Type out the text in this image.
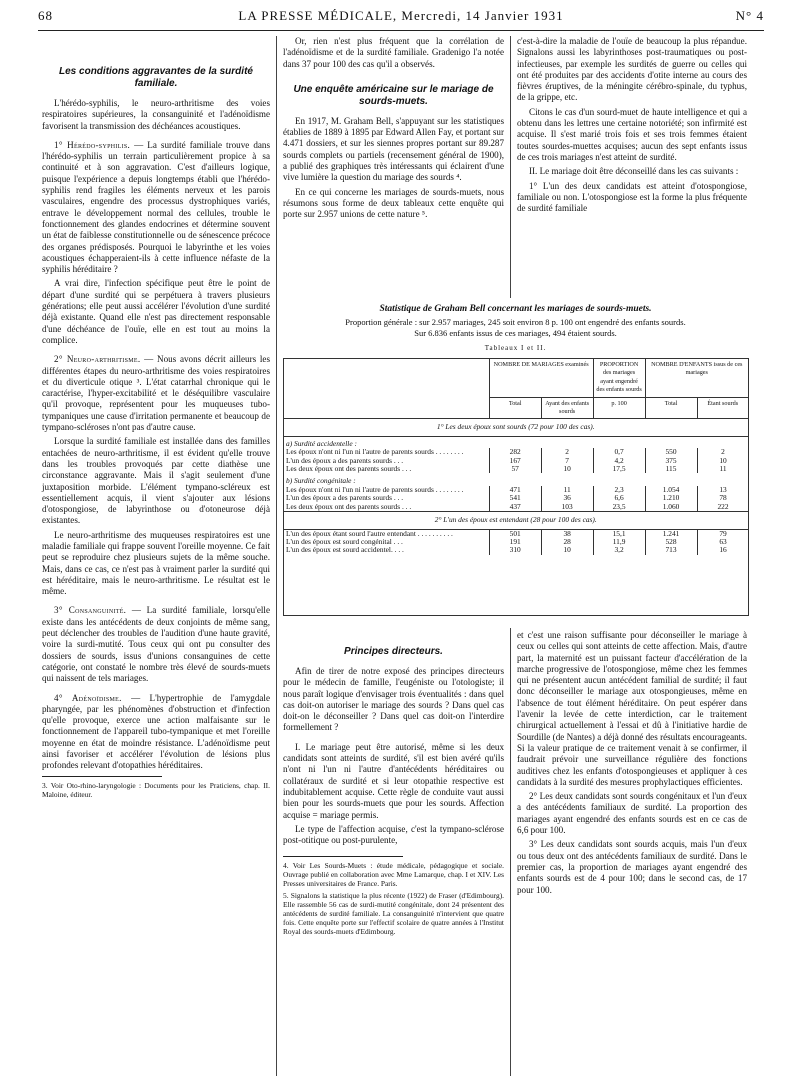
68	LA PRESSE MÉDICALE, Mercredi, 14 Janvier 1931	N° 4
Les conditions aggravantes de la surdité familiale.

L'hérédo-syphilis, le neuro-arthritisme des voies respiratoires supérieures, la consanguinité et l'adénoïdisme favorisent la transmission des déchéances acoustiques.

1° Hérédo-syphilis. — La surdité familiale trouve dans l'hérédo-syphilis un terrain particulièrement propice à sa continuité et à son aggravation. C'est d'ailleurs logique, puisque l'expérience a depuis longtemps établi que l'hérédo-syphilis rend fragiles les éléments nerveux et les parois vasculaires, engendre des processus dystrophiques variés, entrave le développement normal des cellules, trouble le fonctionnement des glandes endocrines et détermine souvent un état de faiblesse constitutionnelle ou de sénescence précoce des organes prédisposés. Pourquoi le labyrinthe et les voies acoustiques échapperaient-ils à cette influence néfaste de la syphilis héréditaire ?

A vrai dire, l'infection spécifique peut être le point de départ d'une surdité qui se perpétuera à travers plusieurs générations; elle peut aussi accélérer l'évolution d'une surdité déjà existante. Quand elle n'est pas directement responsable d'une déchéance de l'ouïe, elle en est tout au moins la complice.

2° Neuro-arthritisme. — Nous avons décrit ailleurs les différentes étapes du neuro-arthritisme des voies respiratoires et du diverticule otique ³. L'état catarrhal chronique qui le caractérise, l'hyper-excitabilité et le déséquilibre vasculaire qu'il provoque, représentent pour les muqueuses tubo-tympaniques une cause d'irritation permanente et beaucoup de tympano-scléroses n'ont pas d'autre cause.

Lorsque la surdité familiale est installée dans des familles entachées de neuro-arthritisme, il est évident qu'elle trouve dans les troubles provoqués par cette diathèse une circonstance aggravante. Mais il s'agit seulement d'une juxtaposition morbide. L'élément tympano-scléreux est essentiellement acquis, il vient s'ajouter aux lésions d'otospongiose, de labyrinthose ou d'otoneurose déjà existantes.

Le neuro-arthritisme des muqueuses respiratoires est une maladie familiale qui frappe souvent l'oreille moyenne. Ce fait peut se reproduire chez plusieurs sujets de la même souche. Mais, dans ce cas, ce n'est pas à vraiment parler la surdité qui est héréditaire, mais le neuro-arthritisme. Le résultat est le même.

3° Consanguinité. — La surdité familiale, lorsqu'elle existe dans les antécédents de deux conjoints de même sang, peut déclencher des troubles de l'audition d'une haute gravité, voire la surdi-mutité. Tous ceux qui ont pu consulter des dossiers de sourds, issus d'unions consanguines de cette catégorie, ont constaté le nombre très élevé de sourds-muets qui naissent de tels mariages.

4° Adénoïdisme. — L'hypertrophie de l'amygdale pharyngée, par les phénomènes d'obstruction et d'infection qu'elle provoque, exerce une action malfaisante sur le fonctionnement de l'appareil tubo-tympanique et met l'oreille moyenne en état de moindre résistance. L'adénoïdisme peut ainsi favoriser et accélérer l'évolution de lésions plus profondes relevant d'otopathies héréditaires.

3. Voir Oto-rhino-laryngologie : Documents pour les Praticiens, chap. II. Maloine, éditeur.

Or, rien n'est plus fréquent que la corrélation de l'adénoïdisme et de la surdité familiale. Gradenigo l'a notée dans 37 pour 100 des cas qu'il a observés.

Une enquête américaine sur le mariage de sourds-muets.

En 1917, M. Graham Bell, s'appuyant sur les statistiques établies de 1889 à 1895 par Edward Allen Fay, et portant sur 4.471 dossiers, et sur les siennes propres portant sur 89.287 sourds complets ou partiels (recensement général de 1900), a publié des graphiques très intéressants qui éclairent d'une vive lumière la question du mariage des sourds ⁴.

En ce qui concerne les mariages de sourds-muets, nous résumons sous forme de deux tableaux cette enquête qui porte sur 2.957 unions de cette nature ⁵.

c'est-à-dire la maladie de l'ouïe de beaucoup la plus répandue. Signalons aussi les labyrinthoses post-traumatiques ou post-infectieuses, par exemple les surdités de guerre ou celles qui ont été produites par des accidents d'otite interne au cours des fièvres éruptives, de la méningite cérébro-spinale, du typhus, de la grippe, etc.

Citons le cas d'un sourd-muet de haute intelligence et qui a obtenu dans les lettres une certaine notoriété; son infirmité est acquise. Il s'est marié trois fois et ses trois femmes étaient toutes sourdes-muettes acquises; aucun des sept enfants issus de ces trois mariages n'est atteint de surdité.

II. Le mariage doit être déconseillé dans les cas suivants :

1° L'un des deux candidats est atteint d'otospongiose, familiale ou non. L'otospongiose est la forme la plus fréquente de surdité familiale

Statistique de Graham Bell concernant les mariages de sourds-muets.
Proportion générale : sur 2.957 mariages, 245 soit environ 8 p. 100 ont engendré des enfants sourds.
Sur 6.836 enfants issus de ces mariages, 494 étaient sourds.
Tableaux I et II.
	NOMBRE DE MARIAGES examinés		PROPORTION des mariages ayant engendré des enfants sourds	NOMBRE D'ENFANTS issus de ces mariages	
	Total	Ayant des enfants sourds	p. 100	Total	Étant sourds
1° Les deux époux sont sourds (72 pour 100 des cas).					
a) Surdité accidentelle :					
Les époux n'ont ni l'un ni l'autre de parents sourds . . . . . . . .	282	2	0,7	550	2
L'un des époux a des parents sourds . . .	167	7	4,2	375	10
Les deux époux ont des parents sourds . . .	57	10	17,5	115	11
b) Surdité congénitale :					
Les époux n'ont ni l'un ni l'autre de parents sourds . . . . . . . .	471	11	2,3	1.054	13
L'un des époux a des parents sourds . . .	541	36	6,6	1.210	78
Les deux époux ont des parents sourds . . .	437	103	23,5	1.060	222
2° L'un des époux est entendant (28 pour 100 des cas).					
L'un des époux étant sourd l'autre entendant . . . . . . . . . .	501	38	15,1	1.241	79
L'un des époux est sourd congénital . . .	191	28	11,9	528	63
L'un des époux est sourd accidentel. . . .	310	10	3,2	713	16
Principes directeurs.

Afin de tirer de notre exposé des principes directeurs pour le médecin de famille, l'eugéniste ou l'otologiste; il nous paraît logique d'envisager trois éventualités : dans quel cas doit-on autoriser le mariage des sourds ? Dans quel cas doit-on le déconseiller ? Dans quel cas doit-on l'interdire formellement ?

I. Le mariage peut être autorisé, même si les deux candidats sont atteints de surdité, s'il est bien avéré qu'ils n'ont ni l'un ni l'autre d'antécédents héréditaires ou collatéraux de surdité et si leur otopathie respective est indubitablement acquise. Cette règle de conduite vaut aussi bien pour les sourds-muets que pour les sourds. Affection acquise = mariage permis.

Le type de l'affection acquise, c'est la tympano-sclérose post-otitique ou post-purulente,

4. Voir Les Sourds-Muets : étude médicale, pédagogique et sociale. Ouvrage publié en collaboration avec Mme Lamarque, chap. I et XIV. Les Presses universitaires de France. Paris.

5. Signalons la statistique la plus récente (1922) de Fraser (d'Edimbourg). Elle rassemble 56 cas de surdi-mutité congénitale, dont 24 présentent des antécédents de surdité familiale. La consanguinité n'intervient que quatre fois. Cette enquête porte sur l'effectif scolaire de quatre années à l'Institut Royal des sourds-muets d'Edimbourg.

et c'est une raison suffisante pour déconseiller le mariage à ceux ou celles qui sont atteints de cette affection. Mais, d'autre part, la maternité est un puissant facteur d'accélération de la marche progressive de l'otospongiose, même chez les femmes qui ne présentent aucun antécédent familial de surdité; il faut donc déconseiller le mariage aux otospongieuses, même en l'absence de tout élément héréditaire. On peut espérer dans l'avenir la levée de cette interdiction, car le traitement chirurgical actuellement à l'essai et dû à l'initiative hardie de Sourdille (de Nantes) a déjà donné des résultats encourageants. Si la valeur pratique de ce traitement venait à se confirmer, il faudrait prévoir une surveillance régulière des fonctions auditives chez les enfants d'otospongieuses et appliquer à ces candidats à la surdité des mesures prophylactiques efficientes.

2° Les deux candidats sont sourds congénitaux et l'un d'eux a des antécédents familiaux de surdité. La proportion des mariages ayant engendré des enfants sourds est en ce cas de 6,6 pour 100.

3° Les deux candidats sont sourds acquis, mais l'un d'eux ou tous deux ont des antécédents familiaux de surdité. Dans le premier cas, la proportion de mariages ayant engendré des enfants sourds est de 4 pour 100; dans le second cas, de 17 pour 100.
